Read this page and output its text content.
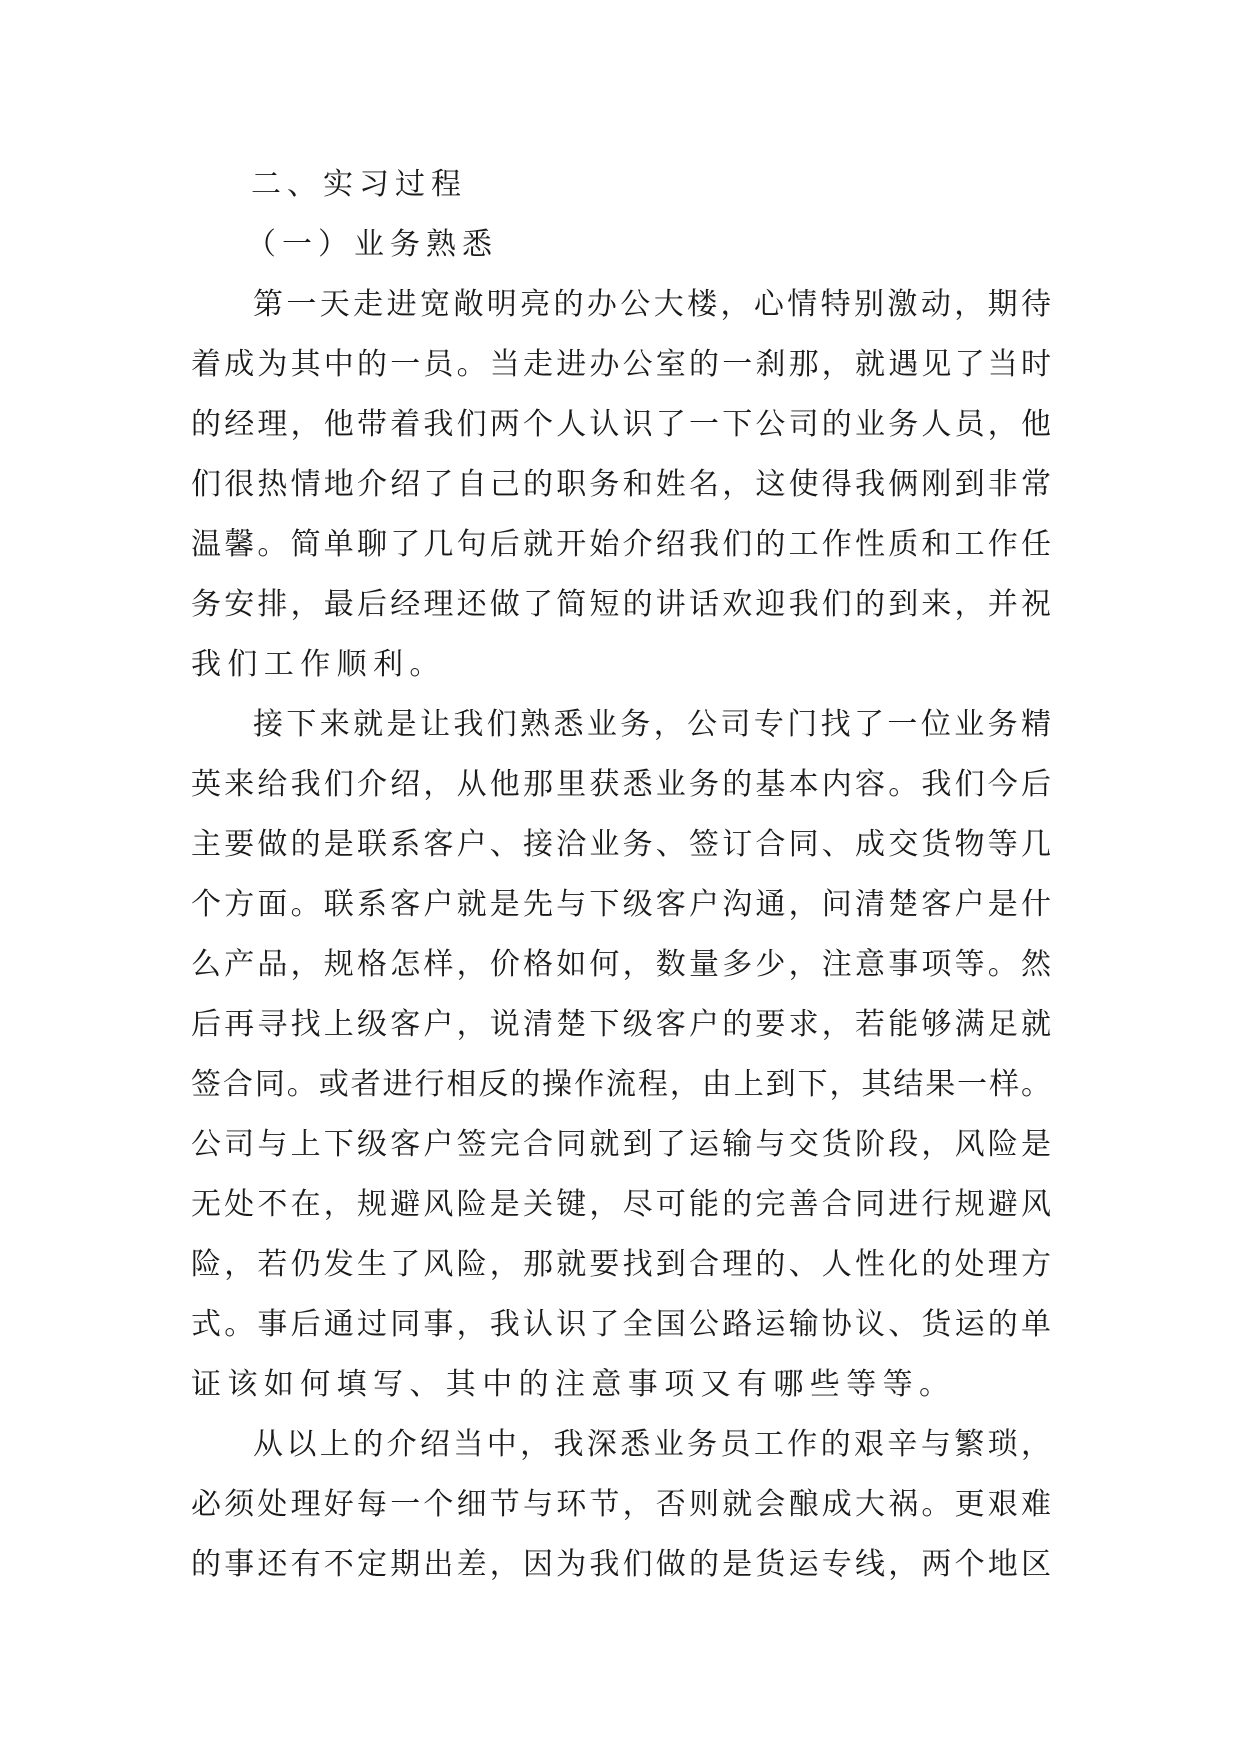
二、实习过程
（一）业务熟悉
第一天走进宽敞明亮的办公大楼，心情特别激动，期待
着成为其中的一员。当走进办公室的一刹那，就遇见了当时
的经理，他带着我们两个人认识了一下公司的业务人员，他
们很热情地介绍了自己的职务和姓名，这使得我俩刚到非常
温馨。简单聊了几句后就开始介绍我们的工作性质和工作任
务安排，最后经理还做了简短的讲话欢迎我们的到来，并祝
我们工作顺利。
接下来就是让我们熟悉业务，公司专门找了一位业务精
英来给我们介绍，从他那里获悉业务的基本内容。我们今后
主要做的是联系客户、接洽业务、签订合同、成交货物等几
个方面。联系客户就是先与下级客户沟通，问清楚客户是什
么产品，规格怎样，价格如何，数量多少，注意事项等。然
后再寻找上级客户，说清楚下级客户的要求，若能够满足就
签合同。或者进行相反的操作流程，由上到下，其结果一样。
公司与上下级客户签完合同就到了运输与交货阶段，风险是
无处不在，规避风险是关键，尽可能的完善合同进行规避风
险，若仍发生了风险，那就要找到合理的、人性化的处理方
式。事后通过同事，我认识了全国公路运输协议、货运的单
证该如何填写、其中的注意事项又有哪些等等。
从以上的介绍当中，我深悉业务员工作的艰辛与繁琐，
必须处理好每一个细节与环节，否则就会酿成大祸。更艰难
的事还有不定期出差，因为我们做的是货运专线，两个地区
